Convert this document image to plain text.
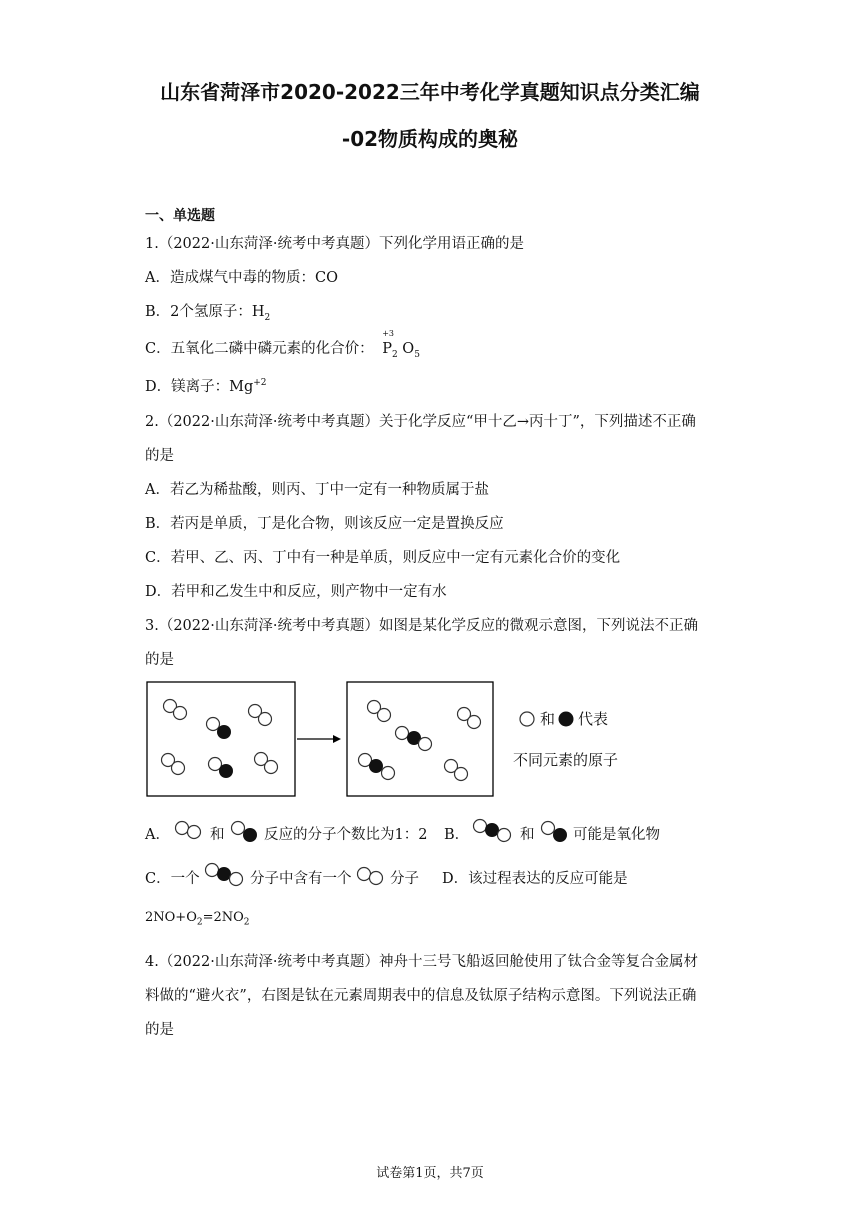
山东省菏泽市2020-2022三年中考化学真题知识点分类汇编
-02物质构成的奥秘
一、单选题
1.（2022·山东菏泽·统考中考真题）下列化学用语正确的是
A．造成煤气中毒的物质：CO
B．2个氢原子：$H_2$
C．五氧化二磷中磷元素的化合价：
+3
$P_2$ $O_5$
D．镁离子：$Mg^{+2}$
2.（2022·山东菏泽·统考中考真题）关于化学反应“甲十乙→丙十丁”，下列描述不正确
的是
A．若乙为稀盐酸，则丙、丁中一定有一种物质属于盐
B．若丙是单质，丁是化合物，则该反应一定是置换反应
C．若甲、乙、丙、丁中有一种是单质，则反应中一定有元素化合价的变化
D．若甲和乙发生中和反应，则产物中一定有水
3.（2022·山东菏泽·统考中考真题）如图是某化学反应的微观示意图，下列说法不正确
的是
和 代表
不同元素的原子
A．	和	反应的分子个数比为1：2 B．	和	可能是氧化物
C．一个	分子中含有一个	分子 D．该过程表达的反应可能是
$2NO+O_2=2NO_2$
4.（2022·山东菏泽·统考中考真题）神舟十三号飞船返回舱使用了钛合金等复合金属材
料做的“避火衣”，右图是钛在元素周期表中的信息及钛原子结构示意图。下列说法正确
的是
试卷第1页，共7页
